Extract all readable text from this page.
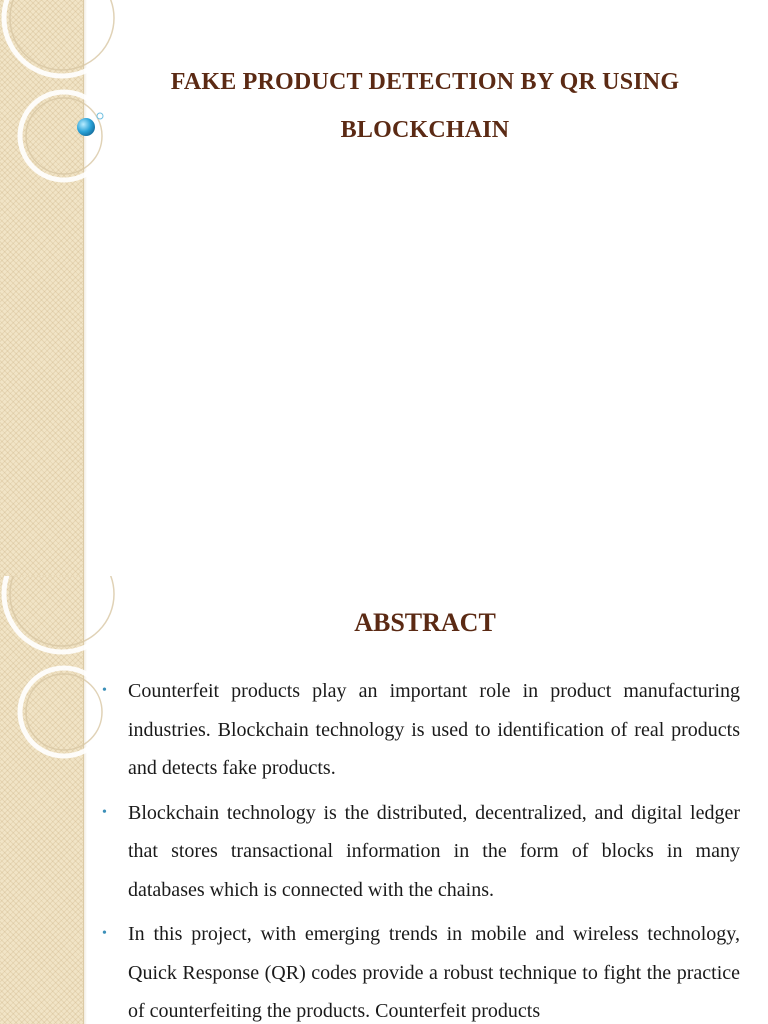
FAKE PRODUCT DETECTION BY QR USING BLOCKCHAIN
ABSTRACT
•	Counterfeit products play an important role in product manufacturing industries. Blockchain technology is used to identification of real products and detects fake products.
•	Blockchain technology is the distributed, decentralized, and digital ledger that stores transactional information in the form of blocks in many databases which is connected with the chains.
•	In this project, with emerging trends in mobile and wireless technology, Quick Response (QR) codes provide a robust technique to fight the practice of counterfeiting the products. Counterfeit products
